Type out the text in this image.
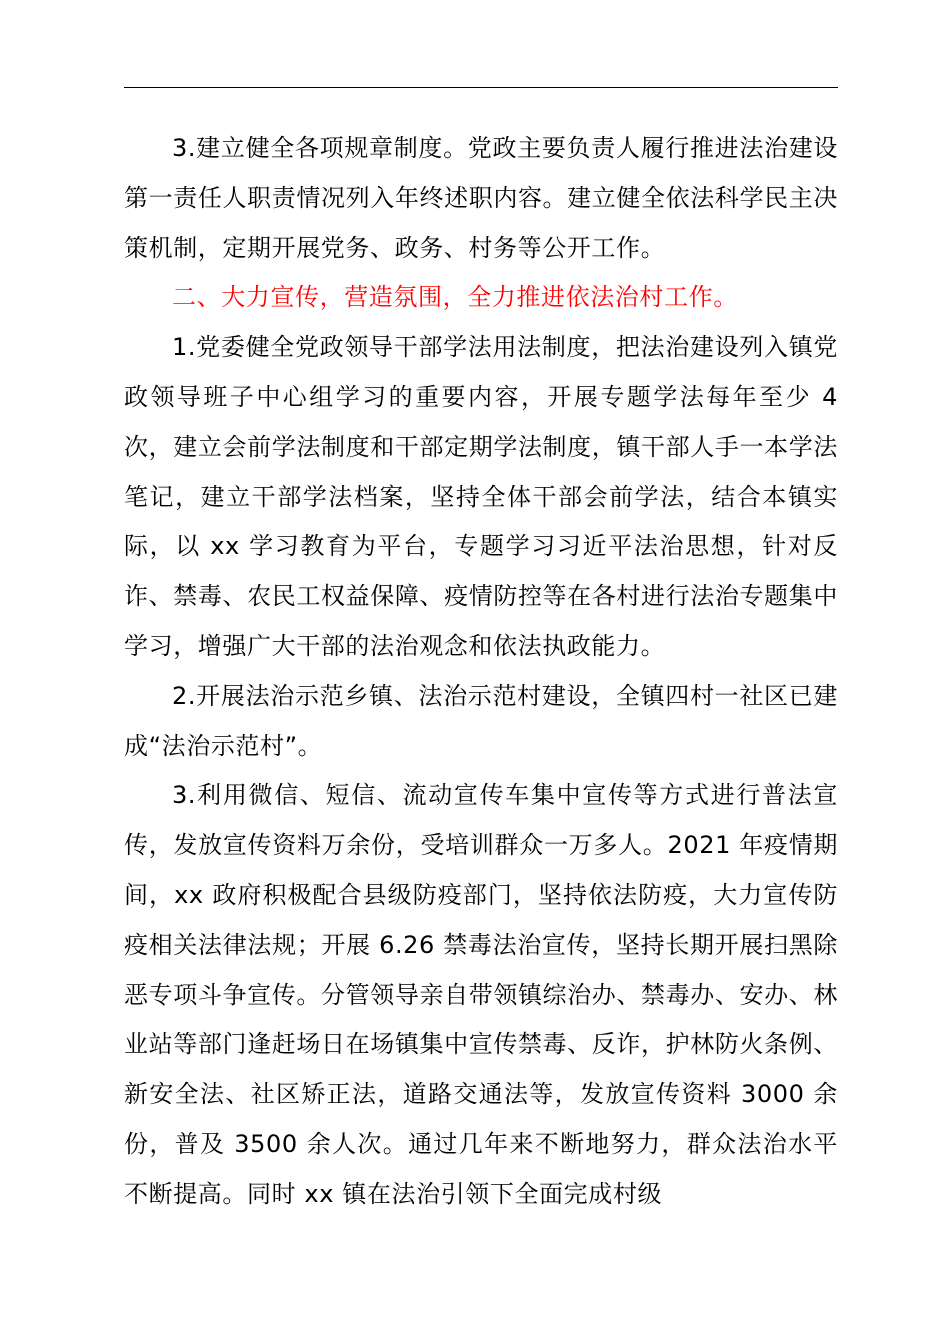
3.建立健全各项规章制度。党政主要负责人履行推进法治建设第一责任人职责情况列入年终述职内容。建立健全依法科学民主决策机制，定期开展党务、政务、村务等公开工作。

二、大力宣传，营造氛围，全力推进依法治村工作。

1.党委健全党政领导干部学法用法制度，把法治建设列入镇党政领导班子中心组学习的重要内容，开展专题学法每年至少 4 次，建立会前学法制度和干部定期学法制度，镇干部人手一本学法笔记，建立干部学法档案，坚持全体干部会前学法，结合本镇实际，以 xx 学习教育为平台，专题学习习近平法治思想，针对反诈、禁毒、农民工权益保障、疫情防控等在各村进行法治专题集中学习，增强广大干部的法治观念和依法执政能力。

2.开展法治示范乡镇、法治示范村建设，全镇四村一社区已建成“法治示范村”。

3.利用微信、短信、流动宣传车集中宣传等方式进行普法宣传，发放宣传资料万余份，受培训群众一万多人。2021 年疫情期间，xx 政府积极配合县级防疫部门，坚持依法防疫，大力宣传防疫相关法律法规；开展 6.26 禁毒法治宣传，坚持长期开展扫黑除恶专项斗争宣传。分管领导亲自带领镇综治办、禁毒办、安办、林业站等部门逢赶场日在场镇集中宣传禁毒、反诈，护林防火条例、新安全法、社区矫正法，道路交通法等，发放宣传资料 3000 余份，普及 3500 余人次。通过几年来不断地努力，群众法治水平不断提高。同时 xx 镇在法治引领下全面完成村级
